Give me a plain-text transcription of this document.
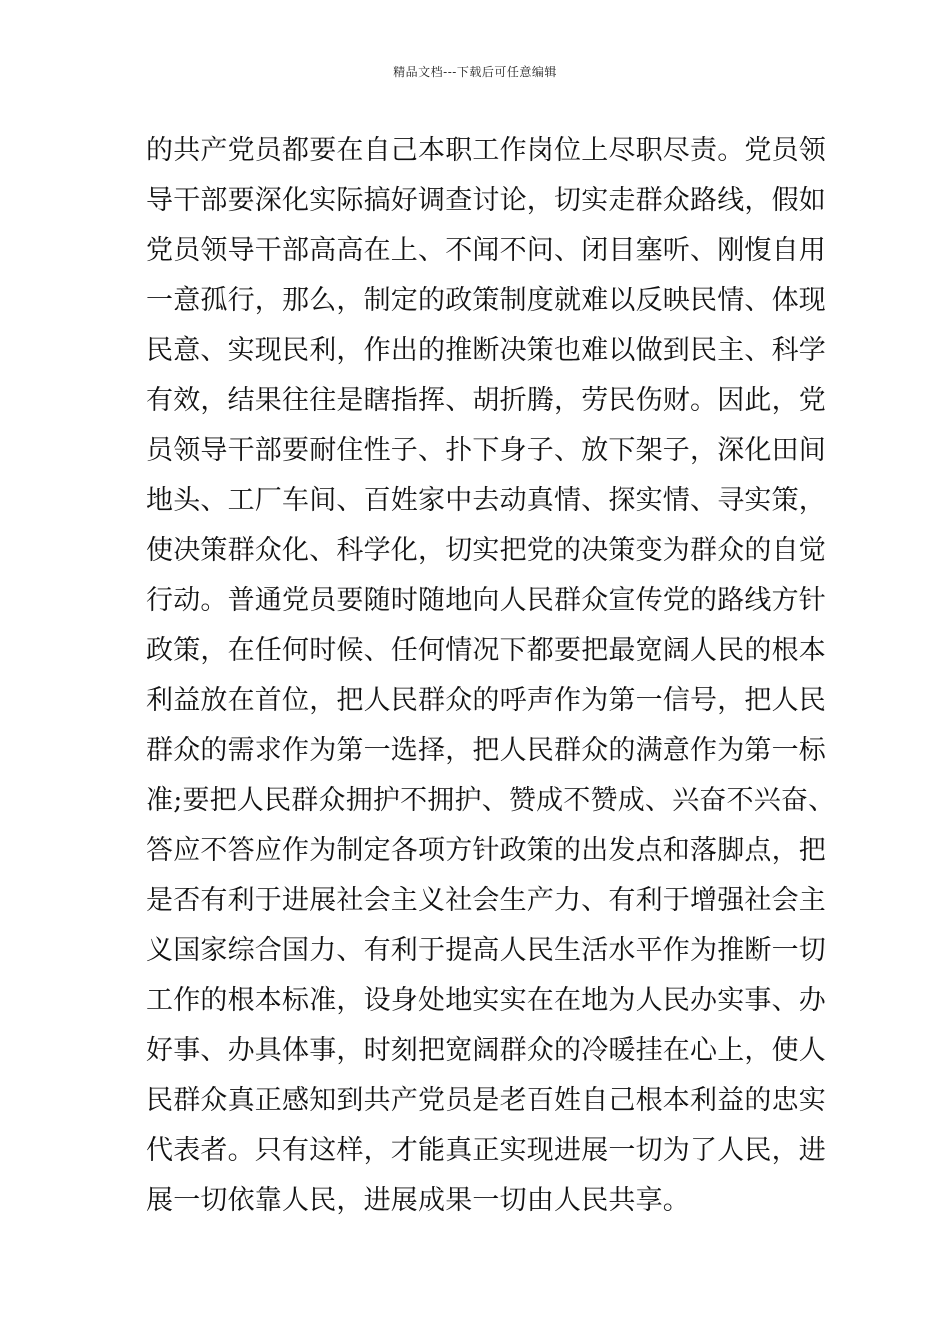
精品文档---下载后可任意编辑
的共产党员都要在自己本职工作岗位上尽职尽责。党员领
导干部要深化实际搞好调查讨论，切实走群众路线，假如
党员领导干部高高在上、不闻不问、闭目塞听、刚愎自用
一意孤行，那么，制定的政策制度就难以反映民情、体现
民意、实现民利，作出的推断决策也难以做到民主、科学
有效，结果往往是瞎指挥、胡折腾，劳民伤财。因此，党
员领导干部要耐住性子、扑下身子、放下架子，深化田间
地头、工厂车间、百姓家中去动真情、探实情、寻实策，
使决策群众化、科学化，切实把党的决策变为群众的自觉
行动。普通党员要随时随地向人民群众宣传党的路线方针
政策，在任何时候、任何情况下都要把最宽阔人民的根本
利益放在首位，把人民群众的呼声作为第一信号，把人民
群众的需求作为第一选择，把人民群众的满意作为第一标
准;要把人民群众拥护不拥护、赞成不赞成、兴奋不兴奋、
答应不答应作为制定各项方针政策的出发点和落脚点，把
是否有利于进展社会主义社会生产力、有利于增强社会主
义国家综合国力、有利于提高人民生活水平作为推断一切
工作的根本标准，设身处地实实在在地为人民办实事、办
好事、办具体事，时刻把宽阔群众的冷暖挂在心上，使人
民群众真正感知到共产党员是老百姓自己根本利益的忠实
代表者。只有这样，才能真正实现进展一切为了人民，进
展一切依靠人民，进展成果一切由人民共享。
